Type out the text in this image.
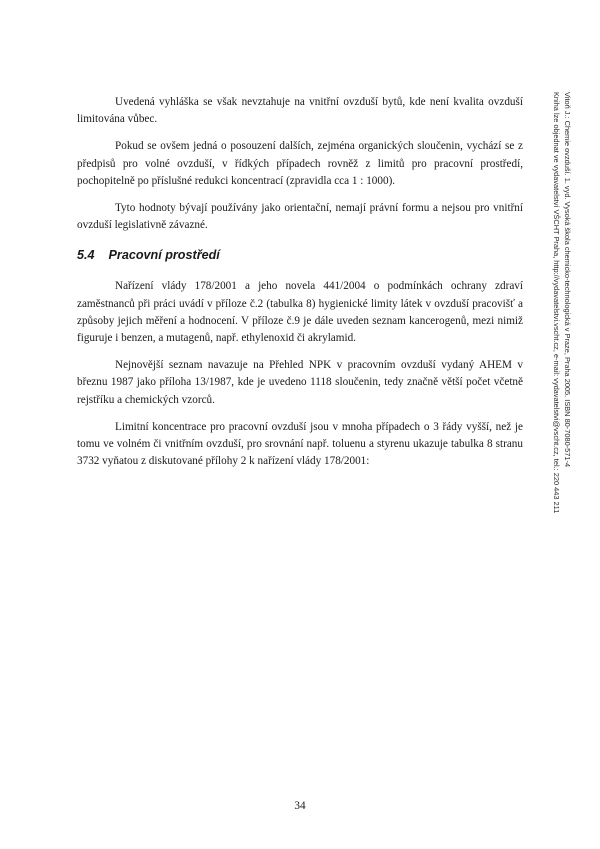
Vitoň J.: Chemie ovzduší. 1. vyd. Vysoká škola chemicko-technologická v Praze, Praha 2005. ISBN 80-7080-571-4
Kniha lze objednat ve vydavatelství VŠCHT Praha, http://vydavatelstvi.vscht.cz, e-mail: vydavatelstvi@vscht.cz, tel.: 220 443 211

Uvedená vyhláška se však nevztahuje na vnitřní ovzduší bytů, kde není kvalita ovzduší limitována vůbec.

Pokud se ovšem jedná o posouzení dalších, zejména organických sloučenin, vychází se z předpisů pro volné ovzduší, v řídkých případech rovněž z limitů pro pracovní prostředí, pochopitelně po příslušné redukci koncentrací (zpravidla cca 1 : 1000).

Tyto hodnoty bývají používány jako orientační, nemají právní formu a nejsou pro vnitřní ovzduší legislativně závazné.

5.4 Pracovní prostředí

Nařízení vlády 178/2001 a jeho novela 441/2004 o podmínkách ochrany zdraví zaměstnanců při práci uvádí v příloze č.2 (tabulka 8) hygienické limity látek v ovzduší pracovišť a způsoby jejich měření a hodnocení. V příloze č.9 je dále uveden seznam kancerogenů, mezi nimiž figuruje i benzen, a mutagenů, např. ethylenoxid či akrylamid.

Nejnovější seznam navazuje na Přehled NPK v pracovním ovzduší vydaný AHEM v březnu 1987 jako příloha 13/1987, kde je uvedeno 1118 sloučenin, tedy značně větší počet včetně rejstříku a chemických vzorců.

Limitní koncentrace pro pracovní ovzduší jsou v mnoha případech o 3 řády vyšší, než je tomu ve volném či vnitřním ovzduší, pro srovnání např. toluenu a styrenu ukazuje tabulka 8 stranu 3732 vyňatou z diskutované přílohy 2 k nařízení vlády 178/2001:

34
